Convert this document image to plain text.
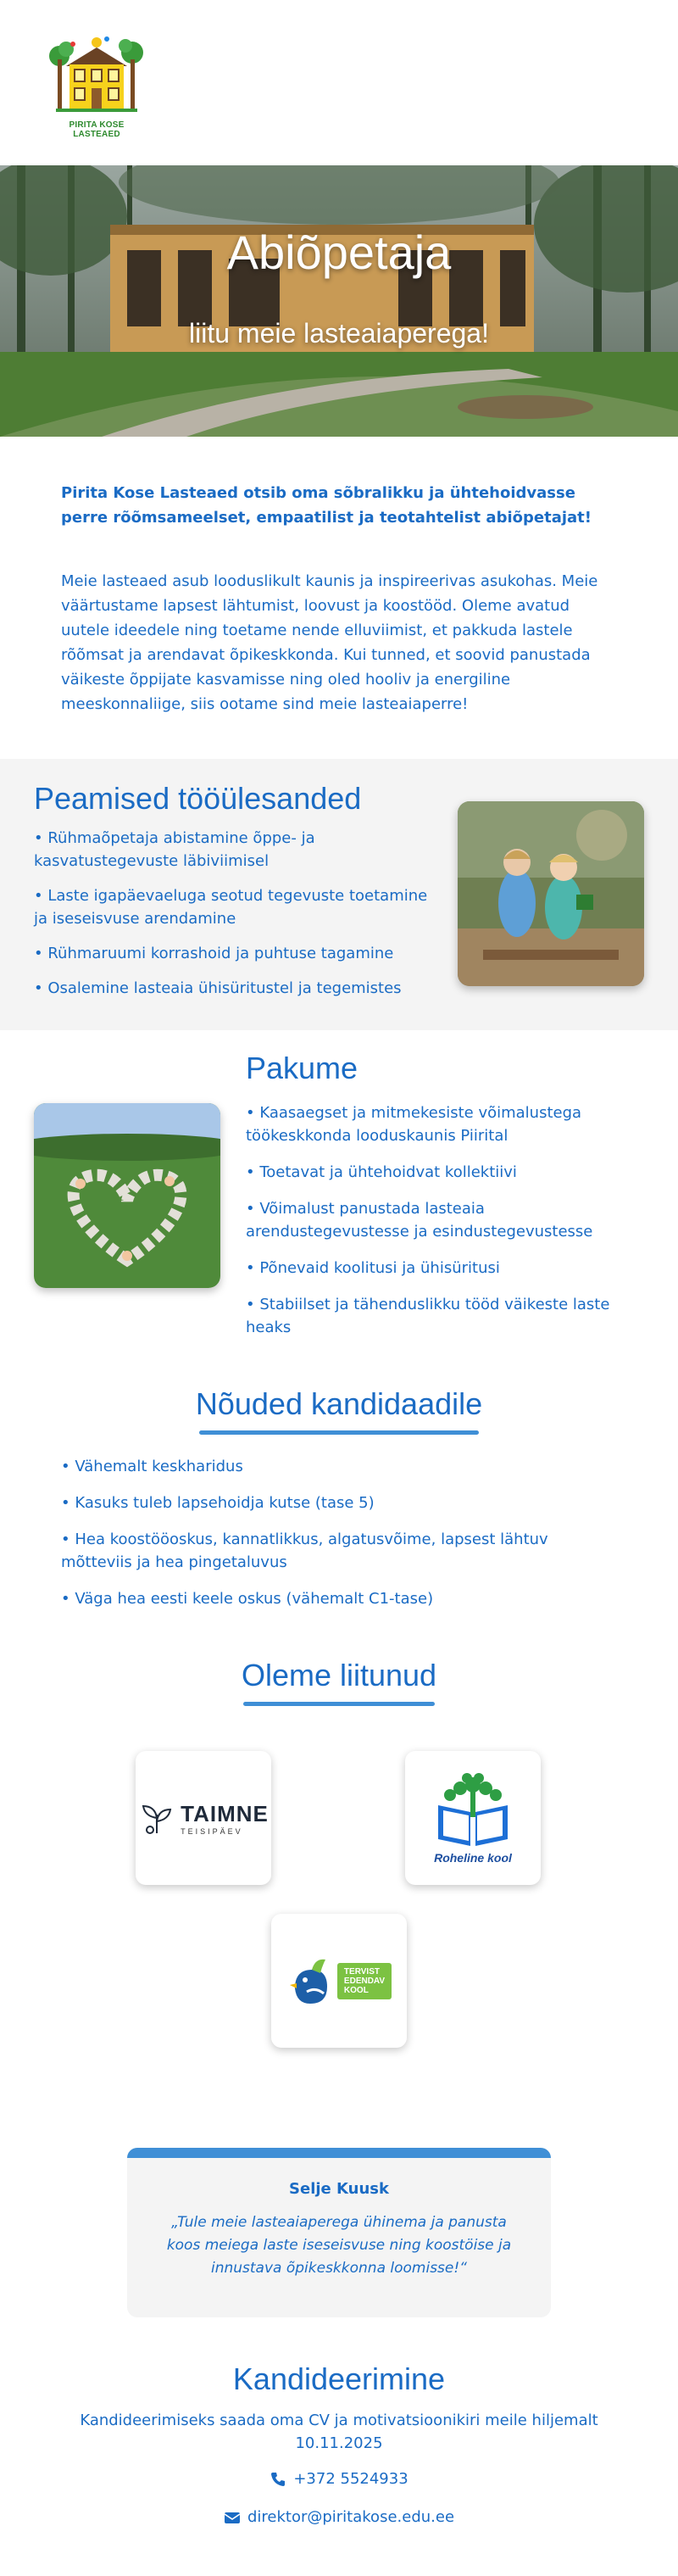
PIRITA KOSE LASTEAED
Abiõpetaja
liitu meie lasteaiaperega!

Pirita Kose Lasteaed otsib oma sõbralikku ja ühtehoidvasse perre rõõmsameelset, empaatilist ja teotahtelist abiõpetajat!

Meie lasteaed asub looduslikult kaunis ja inspireerivas asukohas. Meie väärtustame lapsest lähtumist, loovust ja koostööd. Oleme avatud uutele ideedele ning toetame nende elluviimist, et pakkuda lastele rõõmsat ja arendavat õpikeskkonda. Kui tunned, et soovid panustada väikeste õppijate kasvamisse ning oled hooliv ja energiline meeskonnaliige, siis ootame sind meie lasteaiaperre!

Peamised tööülesanded
• Rühmaõpetaja abistamine õppe- ja kasvatustegevuste läbiviimisel
• Laste igapäevaeluga seotud tegevuste toetamine ja iseseisvuse arendamine
• Rühmaruumi korrashoid ja puhtuse tagamine
• Osalemine lasteaia ühisüritustel ja tegemistes
Pakume
• Kaasaegset ja mitmekesiste võimalustega töökeskkonda looduskaunis Piirital
• Toetavat ja ühtehoidvat kollektiivi
• Võimalust panustada lasteaia arendustegevustesse ja esindustegevustesse
• Põnevaid koolitusi ja ühisüritusi
• Stabiilset ja tähenduslikku tööd väikeste laste heaks
Nõuded kandidaadile
• Vähemalt keskharidus
• Kasuks tuleb lapsehoidja kutse (tase 5)
• Hea koostööoskus, kannatlikkus, algatusvõime, lapsest lähtuv mõtteviis ja hea pingetaluvus
• Väga hea eesti keele oskus (vähemalt C1-tase)
Oleme liitunud
TAIMNE
TEISIPÄEV
Roheline kool
TERVIST
EDENDAV
KOOL
Selje Kuusk
„Tule meie lasteaiaperega ühinema ja panusta koos meiega laste iseseisvuse ning koostöise ja innustava õpikeskkonna loomisse!“
Kandideerimine

Kandideerimiseks saada oma CV ja motivatsioonikiri meile hiljemalt 10.11.2025

+372 5524933
direktor@piritakose.edu.ee
